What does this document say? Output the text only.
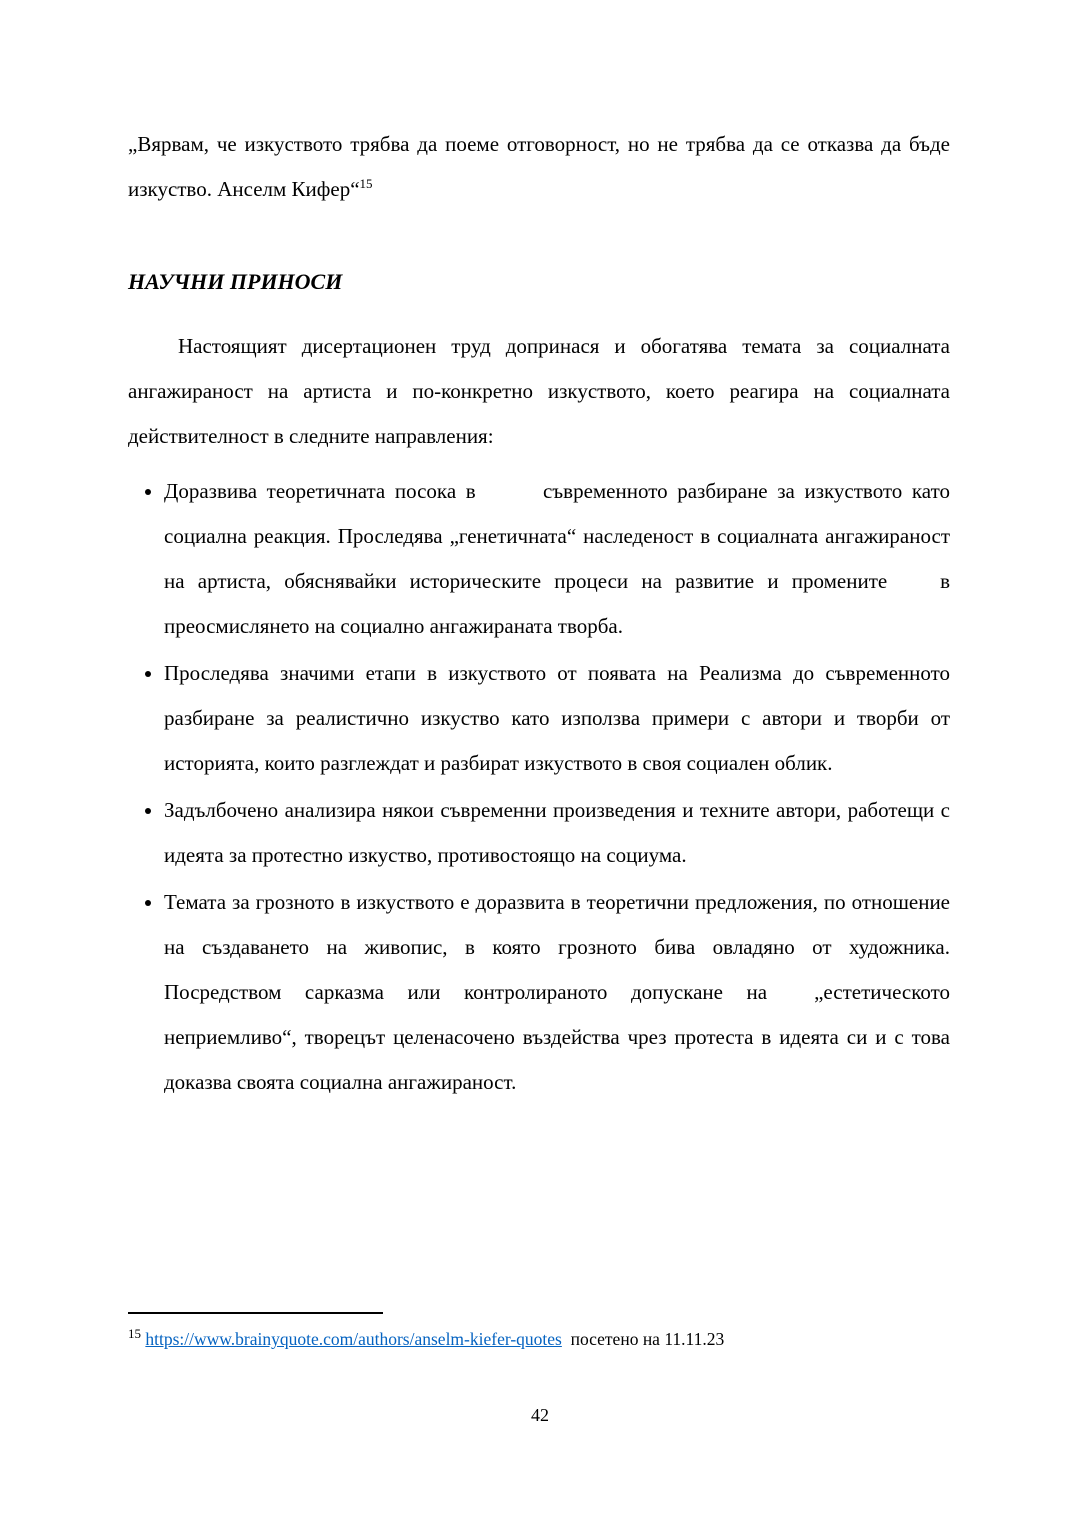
„Вярвам, че изкуството трябва да поеме отговорност, но не трябва да се отказва да бъде изкуство. Анселм Кифер“$^{15}$

НАУЧНИ ПРИНОСИ

Настоящият дисертационен труд допринася и обогатява темата за социалната ангажираност на артиста и по-конкретно изкуството, което реагира на социалната действителност в следните направления:

• Доразвива теоретичната посока в       съвременното разбиране за изкуството като социална реакция. Проследява „генетичната“ наследеност в социалната ангажираност на артиста, обяснявайки историческите процеси на развитие и промените    в преосмислянето на социално ангажираната творба.
• Проследява значими етапи в изкуството от появата на Реализма до съвременното разбиране за реалистично изкуство като използва примери с автори и творби от историята, които разглеждат и разбират изкуството в своя социален облик.
• Задълбочено анализира някои съвременни произведения и техните автори, работещи с идеята за протестно изкуство, противостоящо на социума.
• Темата за грозното в изкуството е доразвита в теоретични предложения, по отношение на създаването на живопис, в която грозното бива овладяно от художника. Посредством сарказма или контролираното допускане на  „естетическото неприемливо“, творецът целенасочено въздейства чрез протеста в идеята си и с това доказва своята социална ангажираност.

$^{15}$ https://www.brainyquote.com/authors/anselm-kiefer-quotes  посетено на 11.11.23

42
